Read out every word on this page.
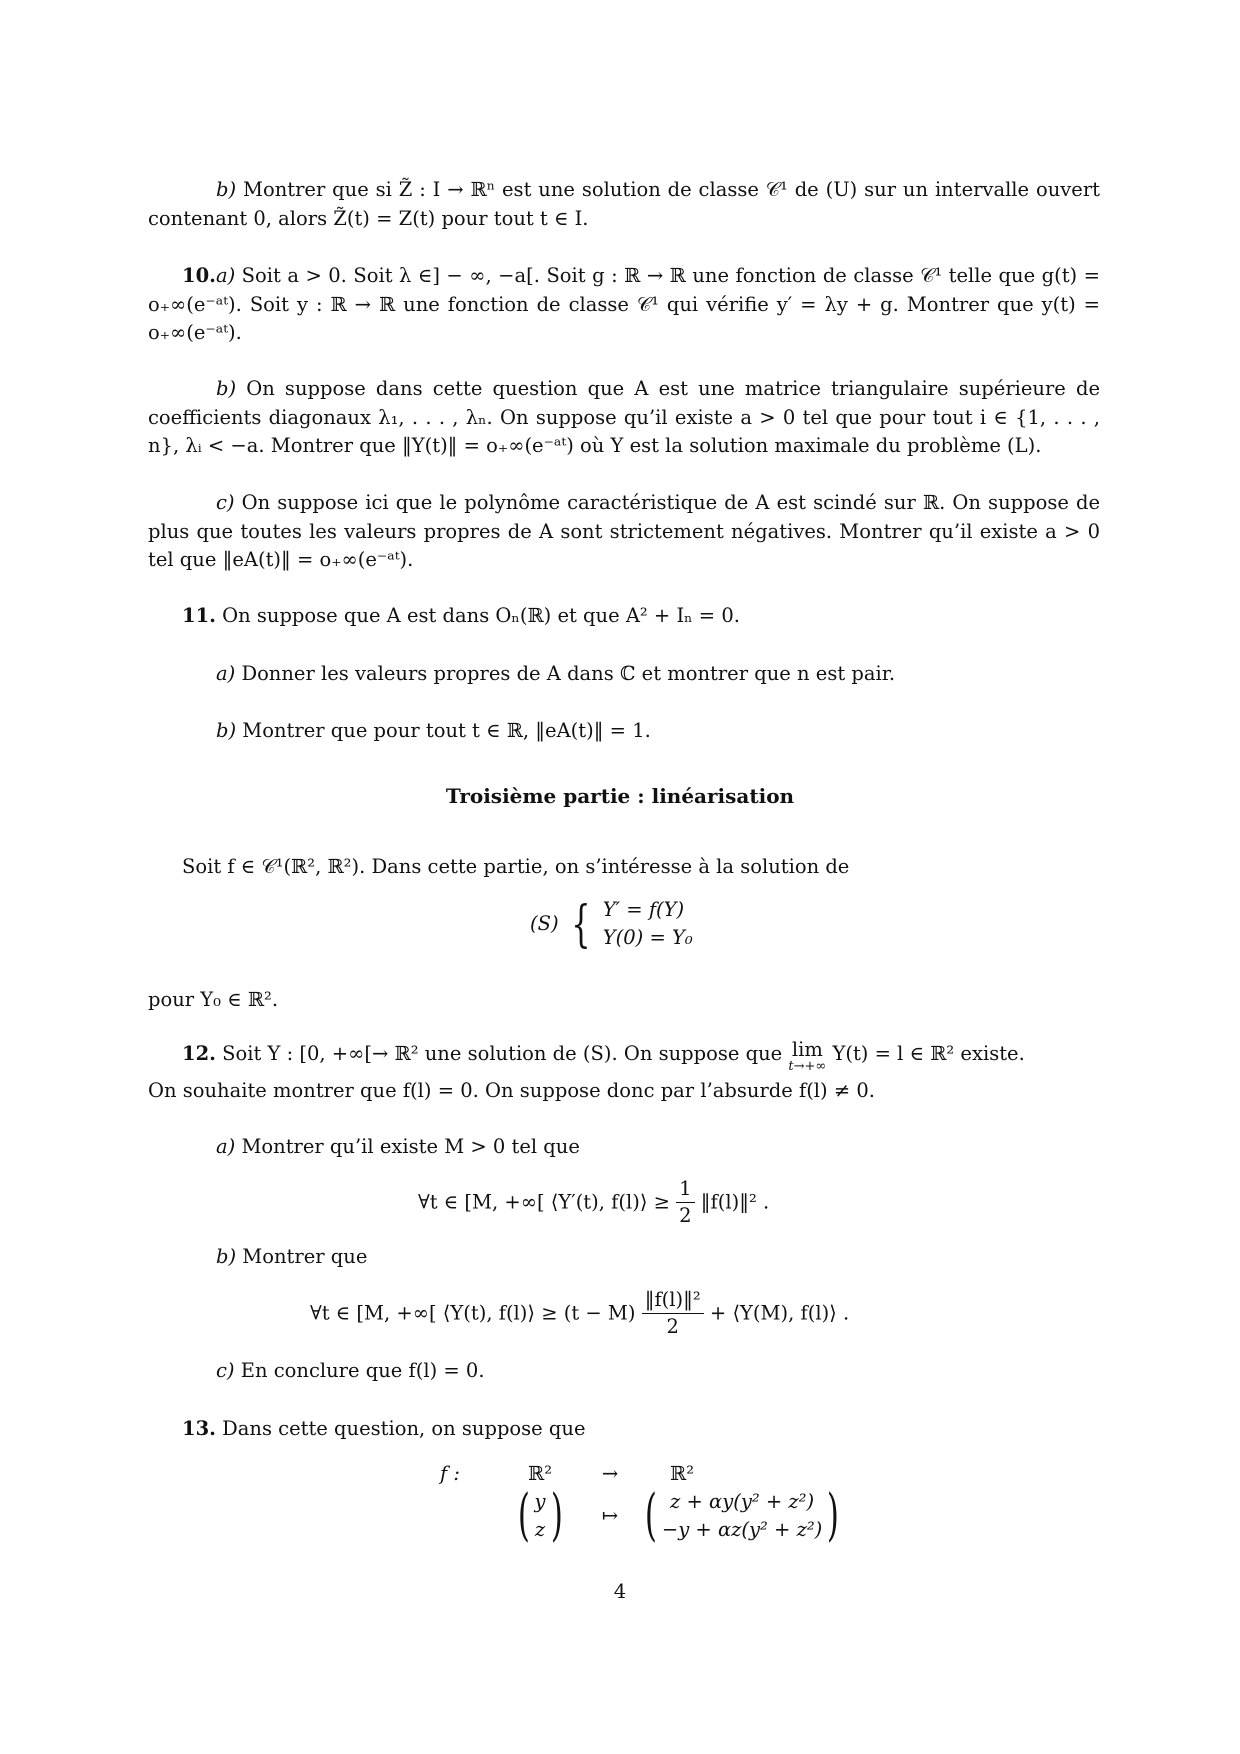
b) Montrer que si Z̃ : I → ℝⁿ est une solution de classe 𝒞¹ de (U) sur un intervalle ouvert contenant 0, alors Z̃(t) = Z(t) pour tout t ∈ I.
10.a) Soit a > 0. Soit λ ∈] − ∞, −a[. Soit g : ℝ → ℝ une fonction de classe 𝒞¹ telle que g(t) = o₊∞(e⁻ᵃᵗ). Soit y : ℝ → ℝ une fonction de classe 𝒞¹ qui vérifie y′ = λy + g. Montrer que y(t) = o₊∞(e⁻ᵃᵗ).
b) On suppose dans cette question que A est une matrice triangulaire supérieure de coefficients diagonaux λ₁, . . . , λₙ. On suppose qu’il existe a > 0 tel que pour tout i ∈ {1, . . . , n}, λᵢ < −a. Montrer que ‖Y(t)‖ = o₊∞(e⁻ᵃᵗ) où Y est la solution maximale du problème (L).
c) On suppose ici que le polynôme caractéristique de A est scindé sur ℝ. On suppose de plus que toutes les valeurs propres de A sont strictement négatives. Montrer qu’il existe a > 0 tel que ‖eA(t)‖ = o₊∞(e⁻ᵃᵗ).
11. On suppose que A est dans Oₙ(ℝ) et que A² + Iₙ = 0.
a) Donner les valeurs propres de A dans ℂ et montrer que n est pair.
b) Montrer que pour tout t ∈ ℝ, ‖eA(t)‖ = 1.
Troisième partie : linéarisation
Soit f ∈ 𝒞¹(ℝ², ℝ²). Dans cette partie, on s’intéresse à la solution de
(S) { Y′ = f(Y)
Y(0) = Y₀
pour Y₀ ∈ ℝ².
12. Soit Y : [0, +∞[→ ℝ² une solution de (S). On suppose que lim
t→+∞
Y(t) = l ∈ ℝ² existe.
On souhaite montrer que f(l) = 0. On suppose donc par l’absurde f(l) ≠ 0.
a) Montrer qu’il existe M > 0 tel que
∀t ∈ [M, +∞[ ⟨Y′(t), f(l)⟩ ≥ $\frac{1}{2}$ ‖f(l)‖² .
b) Montrer que
∀t ∈ [M, +∞[ ⟨Y(t), f(l)⟩ ≥ $(t - M) \frac{\text{‖f(l)‖²}}{2}$ + ⟨Y(M), f(l)⟩ .
c) En conclure que f(l) = 0.
13. Dans cette question, on suppose que
f :	ℝ²	→	ℝ²
( y
z )	↦ ( z + αy(y² + z²)
−y + αz(y² + z²) )
4
